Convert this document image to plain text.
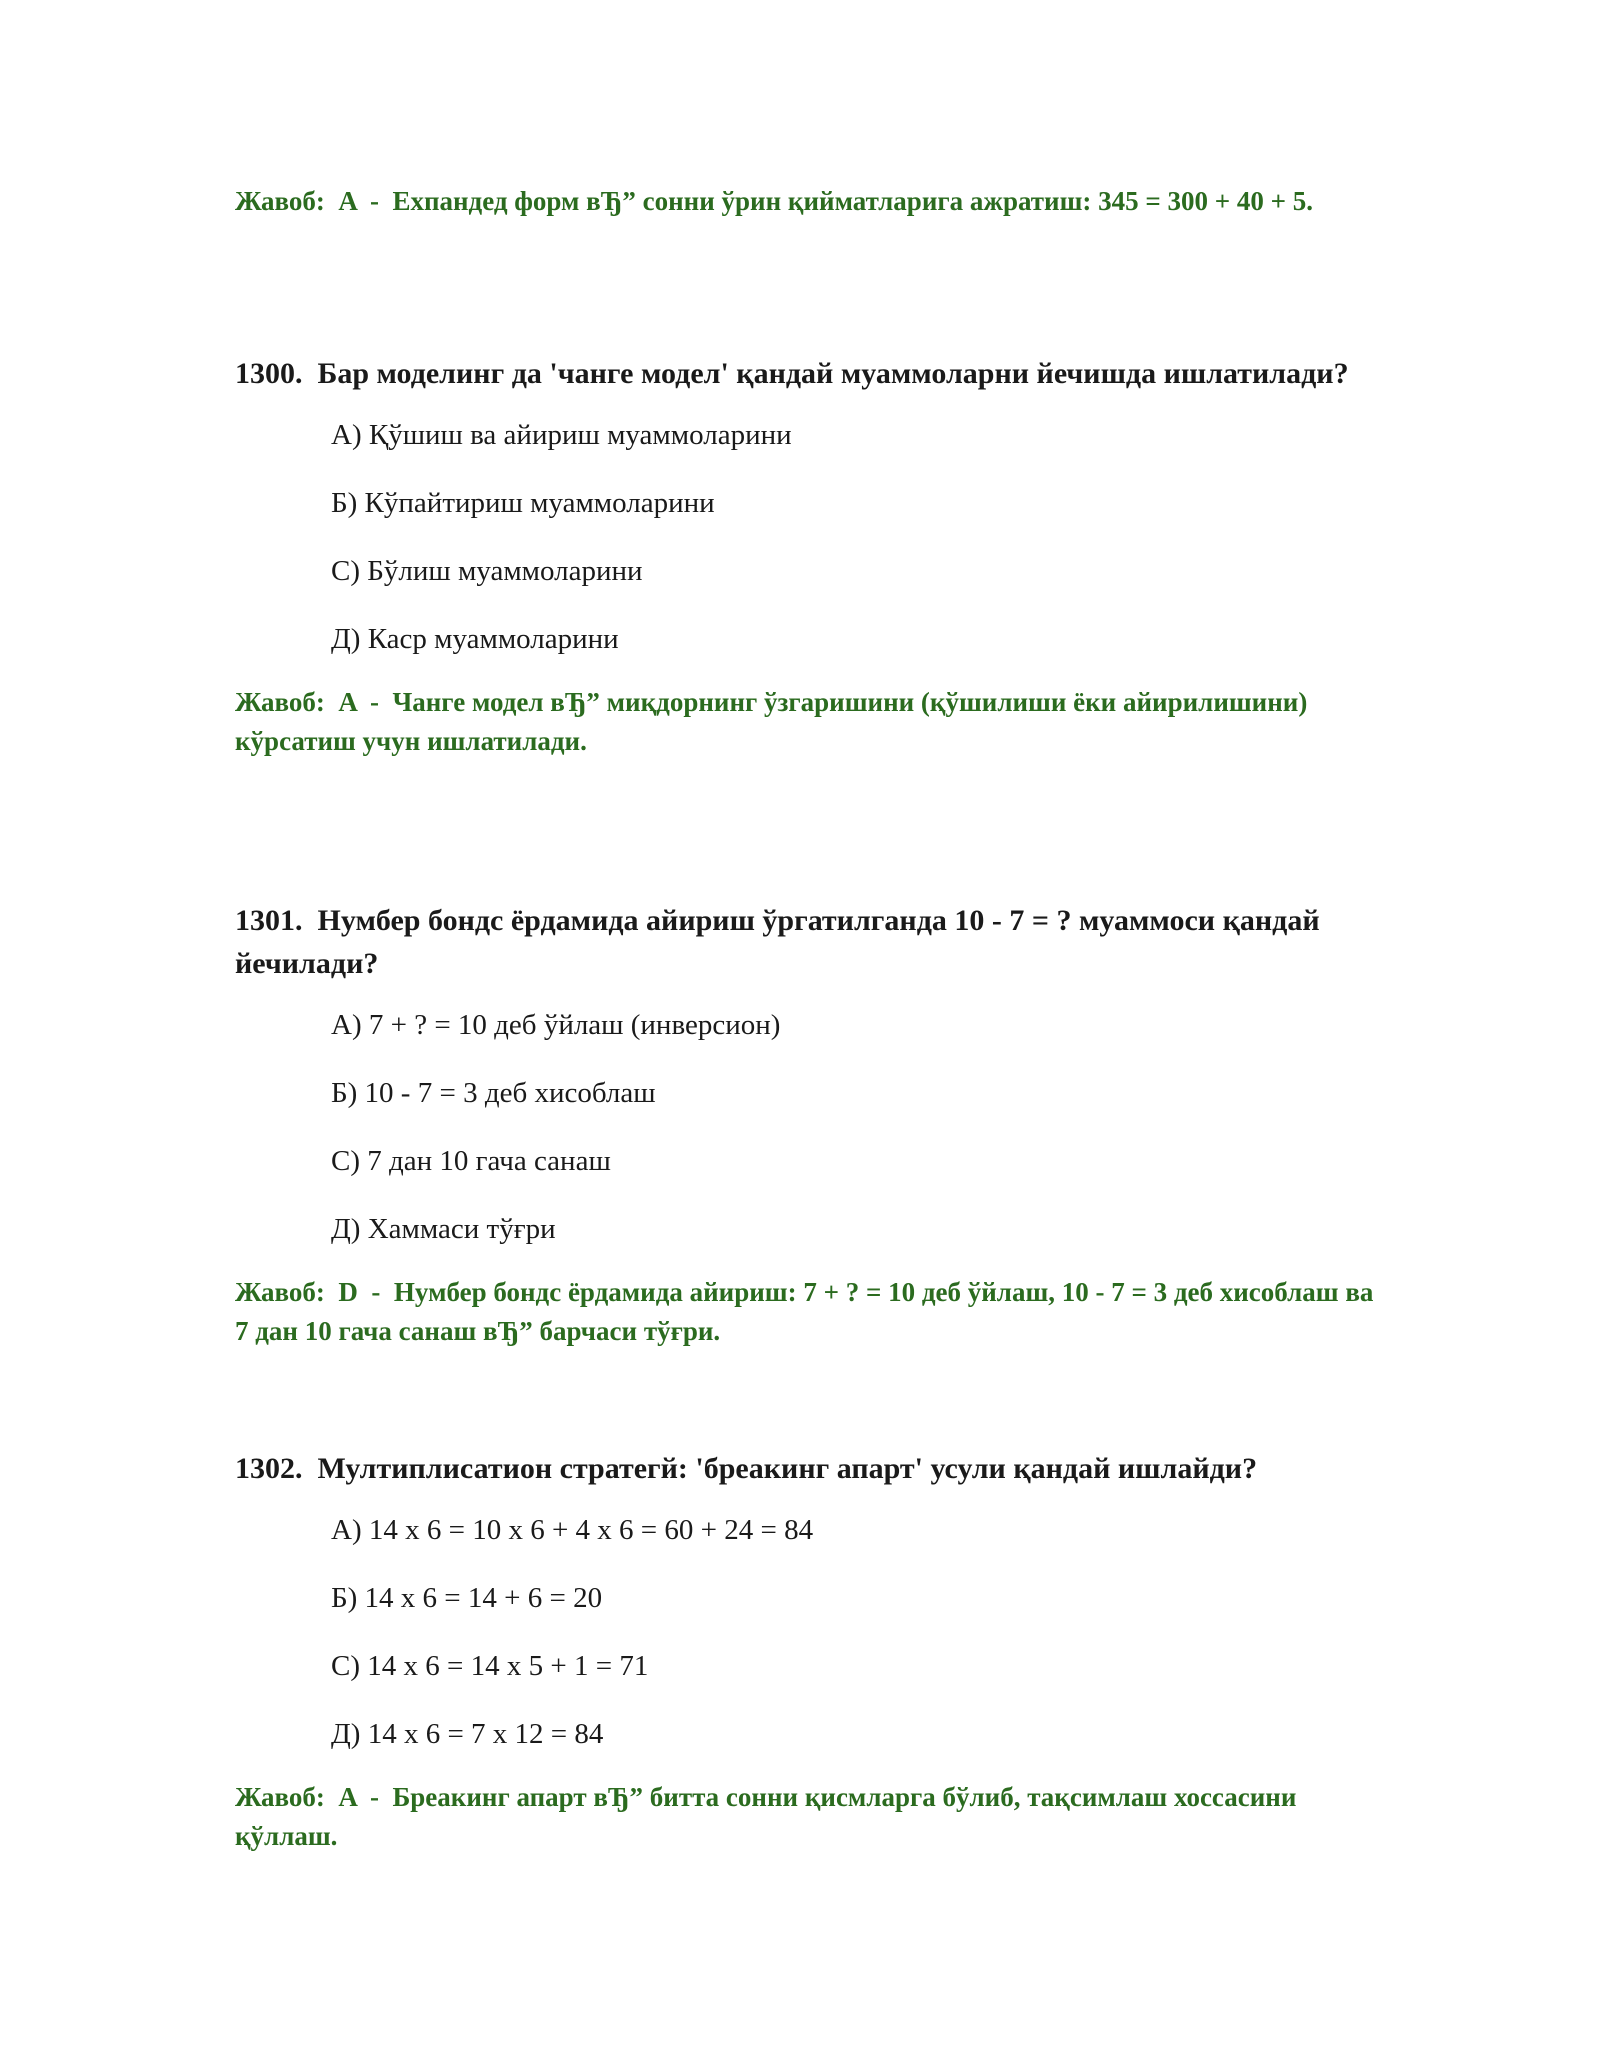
Жавоб: A - Ехпандед форм вЂ” сонни ўрин қийматларига ажратиш: 345 = 300 + 40 + 5.

1300. Бар моделинг да 'чанге модел' қандай муаммоларни йечишда ишлатилади?

А) Қўшиш ва айириш муаммоларини
Б) Кўпайтириш муаммоларини
С) Бўлиш муаммоларини
Д) Каср муаммоларини

Жавоб: A - Чанге модел вЂ” миқдорнинг ўзгаришини (қўшилиши ёки айирилишини) кўрсатиш учун ишлатилади.

1301. Нумбер бондс ёрдамида айириш ўргатилганда 10 - 7 = ? муаммоси қандай йечилади?

А) 7 + ? = 10 деб ўйлаш (инверсион)
Б) 10 - 7 = 3 деб хисоблаш
С) 7 дан 10 гача санаш
Д) Хаммаси тўғри

Жавоб: D - Нумбер бондс ёрдамида айириш: 7 + ? = 10 деб ўйлаш, 10 - 7 = 3 деб хисоблаш ва 7 дан 10 гача санаш вЂ” барчаси тўғри.

1302. Мултиплисатион стратегй: 'бреакинг апарт' усули қандай ишлайди?

А) 14 x 6 = 10 x 6 + 4 x 6 = 60 + 24 = 84
Б) 14 x 6 = 14 + 6 = 20
С) 14 x 6 = 14 x 5 + 1 = 71
Д) 14 x 6 = 7 x 12 = 84

Жавоб: A - Бреакинг апарт вЂ” битта сонни қисмларга бўлиб, тақсимлаш хоссасини қўллаш.
